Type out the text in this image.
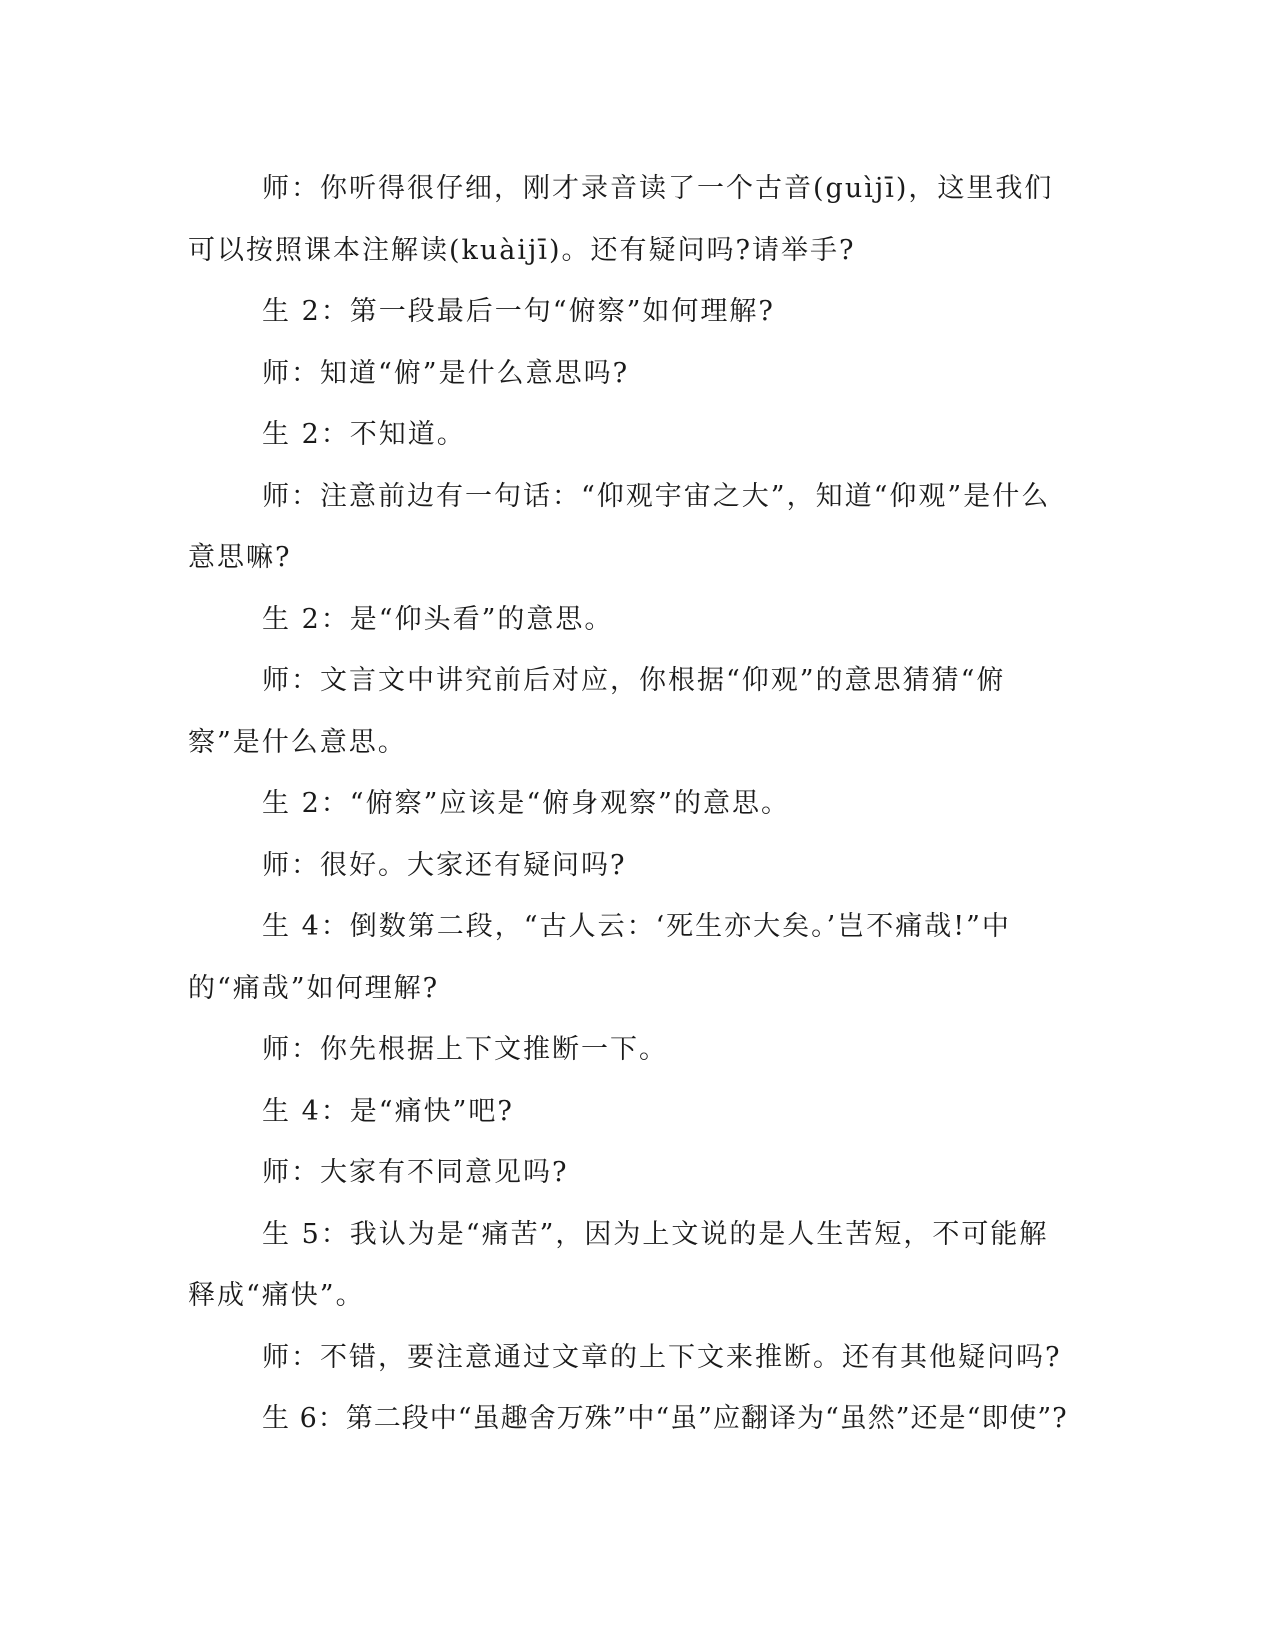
师：你听得很仔细，刚才录音读了一个古音(guìjī)，这里我们可以按照课本注解读(kuàijī)。还有疑问吗?请举手?

生 2：第一段最后一句“俯察”如何理解?

师：知道“俯”是什么意思吗?

生 2：不知道。

师：注意前边有一句话：“仰观宇宙之大”，知道“仰观”是什么意思嘛?

生 2：是“仰头看”的意思。

师：文言文中讲究前后对应，你根据“仰观”的意思猜猜“俯察”是什么意思。

生 2：“俯察”应该是“俯身观察”的意思。

师：很好。大家还有疑问吗?

生 4：倒数第二段，“古人云：‘死生亦大矣。’岂不痛哉!”中的“痛哉”如何理解?

师：你先根据上下文推断一下。

生 4：是“痛快”吧?

师：大家有不同意见吗?

生 5：我认为是“痛苦”，因为上文说的是人生苦短，不可能解释成“痛快”。

师：不错，要注意通过文章的上下文来推断。还有其他疑问吗?

生 6：第二段中“虽趣舍万殊”中“虽”应翻译为“虽然”还是“即使”?
